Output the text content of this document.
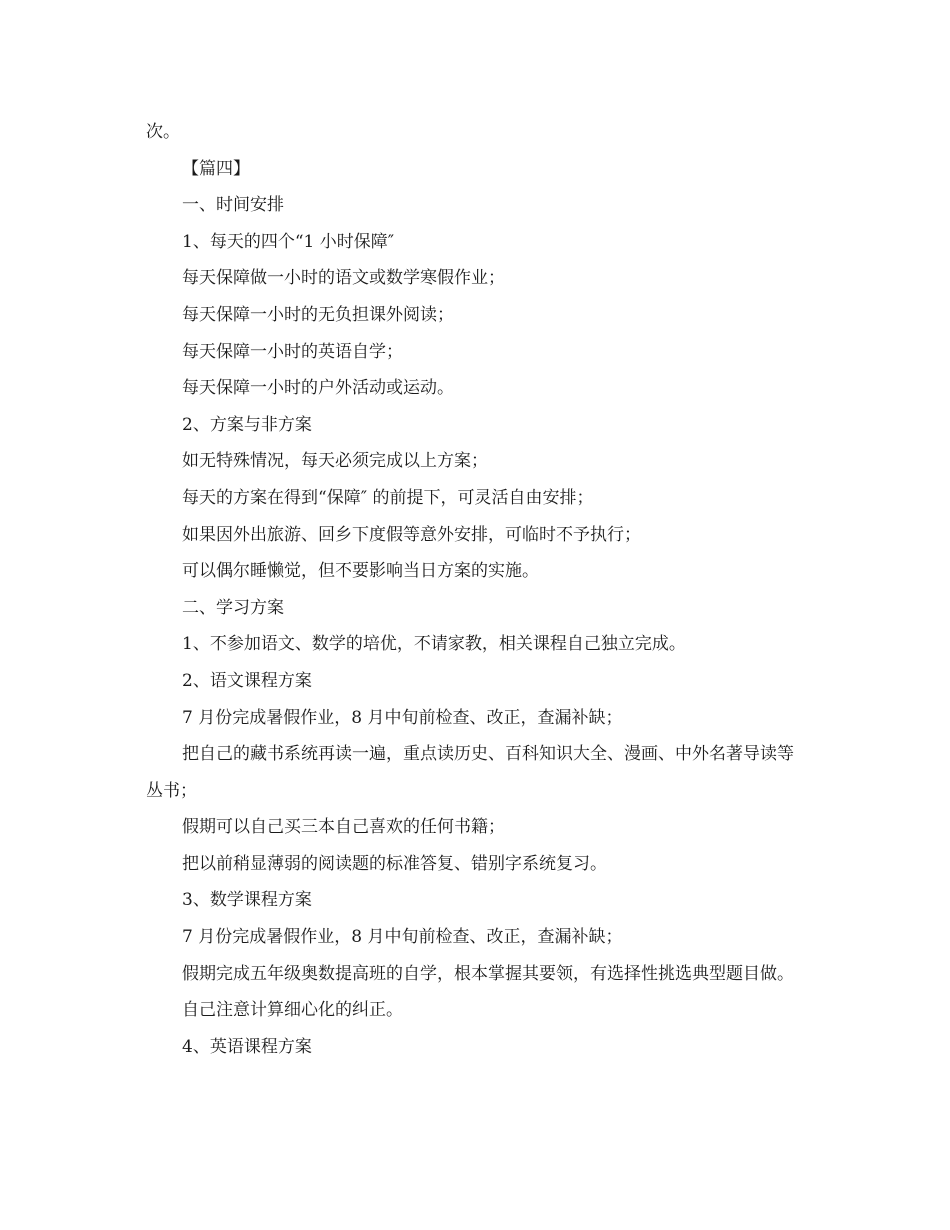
次。

【篇四】

一、时间安排

1、每天的四个“1 小时保障″

每天保障做一小时的语文或数学寒假作业；

每天保障一小时的无负担课外阅读；

每天保障一小时的英语自学；

每天保障一小时的户外活动或运动。

2、方案与非方案

如无特殊情况，每天必须完成以上方案；

每天的方案在得到“保障″ 的前提下，可灵活自由安排；

如果因外出旅游、回乡下度假等意外安排，可临时不予执行；

可以偶尔睡懒觉，但不要影响当日方案的实施。

二、学习方案

1、不参加语文、数学的培优，不请家教，相关课程自己独立完成。

2、语文课程方案

7 月份完成暑假作业，8 月中旬前检查、改正，查漏补缺；

把自己的藏书系统再读一遍，重点读历史、百科知识大全、漫画、中外名著导读等丛书；

假期可以自己买三本自己喜欢的任何书籍；

把以前稍显薄弱的阅读题的标准答复、错别字系统复习。

3、数学课程方案

7 月份完成暑假作业，8 月中旬前检查、改正，查漏补缺；

假期完成五年级奥数提高班的自学，根本掌握其要领，有选择性挑选典型题目做。

自己注意计算细心化的纠正。

4、英语课程方案
